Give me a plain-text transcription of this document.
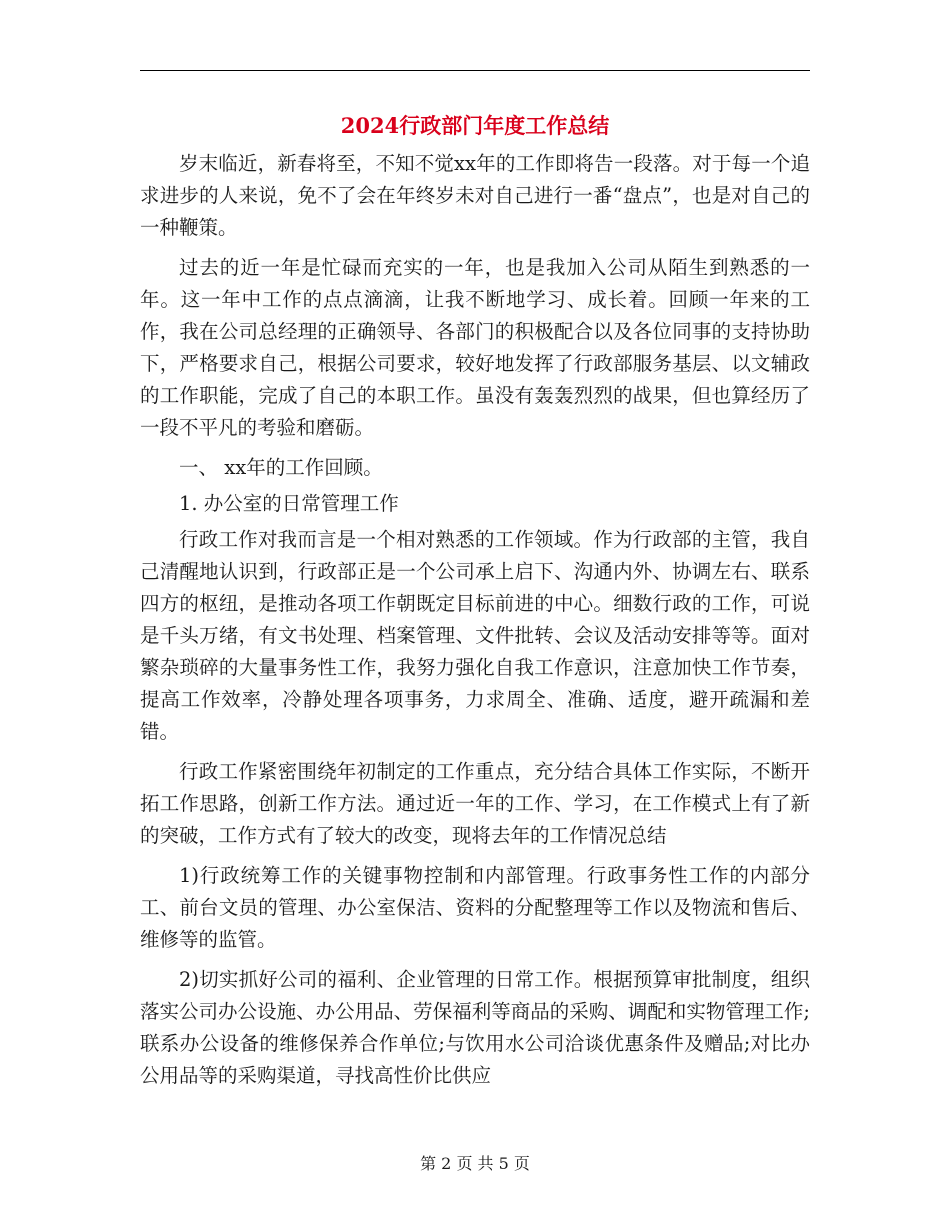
2024行政部门年度工作总结

岁末临近，新春将至，不知不觉xx年的工作即将告一段落。对于每一个追求进步的人来说，免不了会在年终岁未对自己进行一番“盘点”，也是对自己的一种鞭策。

过去的近一年是忙碌而充实的一年，也是我加入公司从陌生到熟悉的一年。这一年中工作的点点滴滴，让我不断地学习、成长着。回顾一年来的工作，我在公司总经理的正确领导、各部门的积极配合以及各位同事的支持协助下，严格要求自己，根据公司要求，较好地发挥了行政部服务基层、以文辅政的工作职能，完成了自己的本职工作。虽没有轰轰烈烈的战果，但也算经历了一段不平凡的考验和磨砺。

一、 xx年的工作回顾。

1. 办公室的日常管理工作

行政工作对我而言是一个相对熟悉的工作领域。作为行政部的主管，我自己清醒地认识到，行政部正是一个公司承上启下、沟通内外、协调左右、联系四方的枢纽，是推动各项工作朝既定目标前进的中心。细数行政的工作，可说是千头万绪，有文书处理、档案管理、文件批转、会议及活动安排等等。面对繁杂琐碎的大量事务性工作，我努力强化自我工作意识，注意加快工作节奏，提高工作效率，冷静处理各项事务，力求周全、准确、适度，避开疏漏和差错。

行政工作紧密围绕年初制定的工作重点，充分结合具体工作实际，不断开拓工作思路，创新工作方法。通过近一年的工作、学习，在工作模式上有了新的突破，工作方式有了较大的改变，现将去年的工作情况总结

1)行政统筹工作的关键事物控制和内部管理。行政事务性工作的内部分工、前台文员的管理、办公室保洁、资料的分配整理等工作以及物流和售后、维修等的监管。

2)切实抓好公司的福利、企业管理的日常工作。根据预算审批制度，组织落实公司办公设施、办公用品、劳保福利等商品的采购、调配和实物管理工作;联系办公设备的维修保养合作单位;与饮用水公司洽谈优惠条件及赠品;对比办公用品等的采购渠道，寻找高性价比供应

第 2 页 共 5 页
